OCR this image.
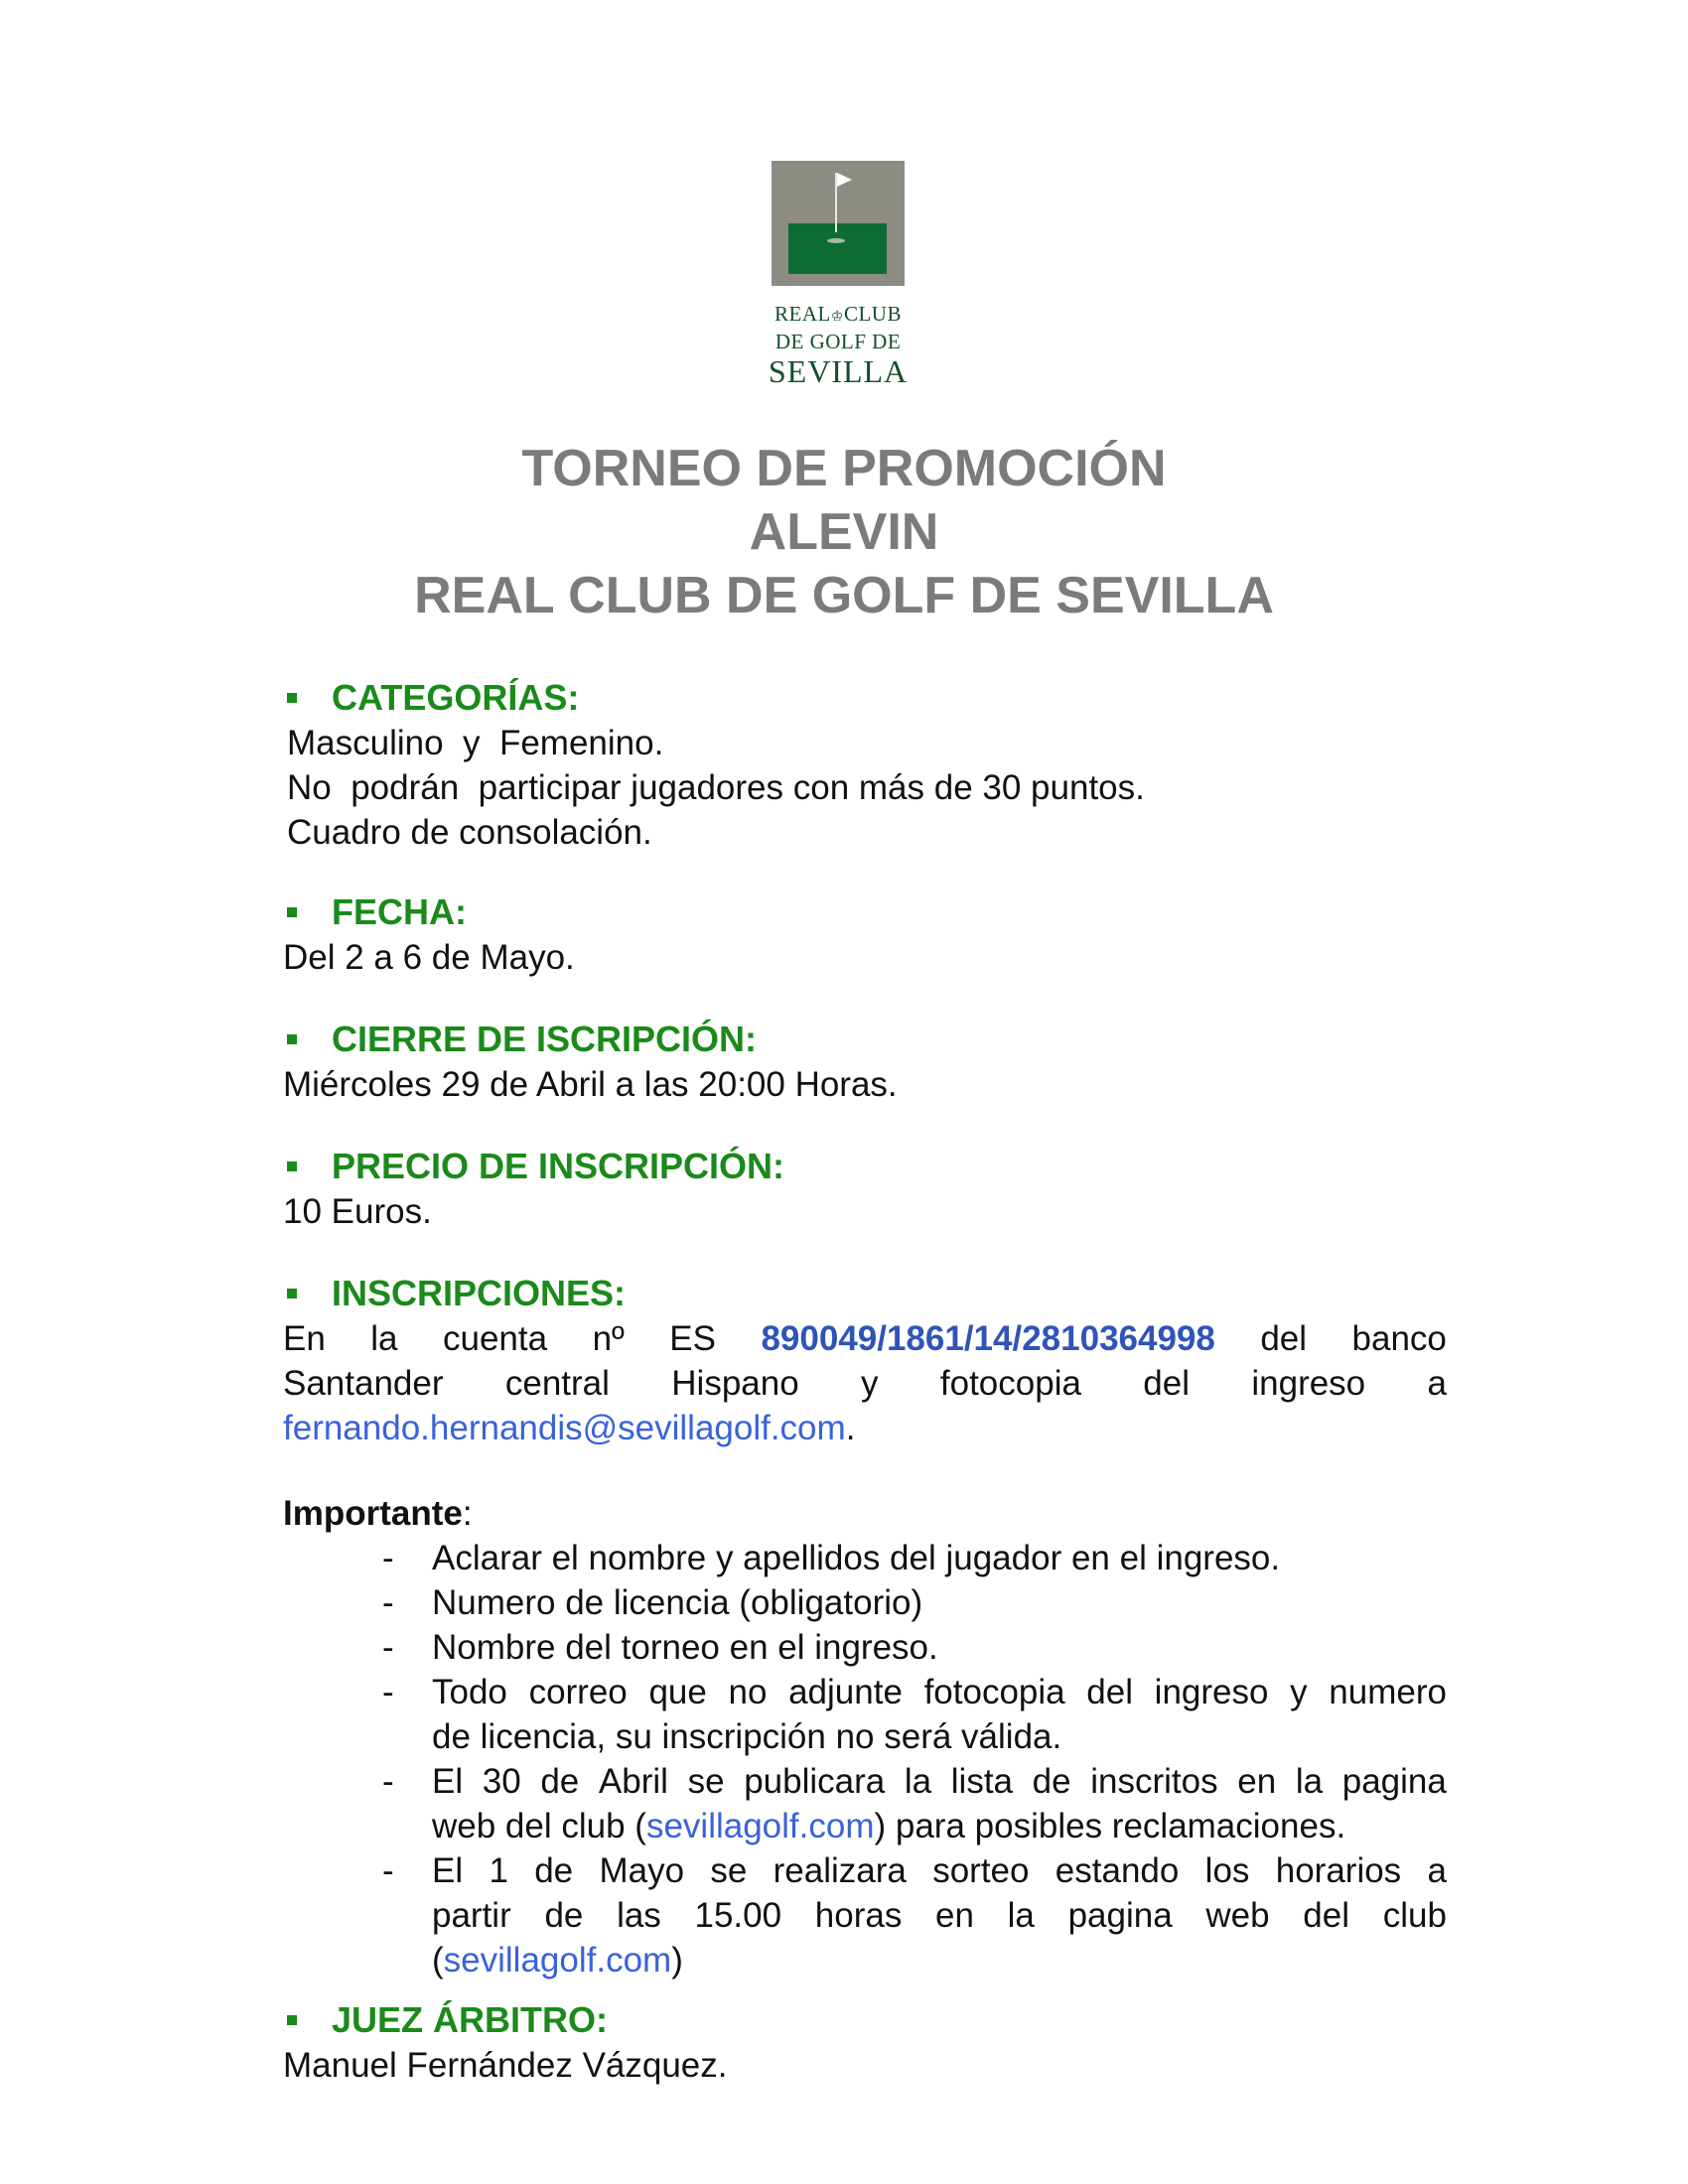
REAL♔CLUB
DE GOLF DE
SEVILLA
TORNEO DE PROMOCIÓN
ALEVIN
REAL CLUB DE GOLF DE SEVILLA
CATEGORÍAS:
Masculino  y  Femenino.
No  podrán  participar jugadores con más de 30 puntos.
Cuadro de consolación.
FECHA:
Del 2 a 6 de Mayo.
CIERRE DE ISCRIPCIÓN:
Miércoles 29 de Abril a las 20:00 Horas.
PRECIO DE INSCRIPCIÓN:
10 Euros.
INSCRIPCIONES:
En la cuenta nº ES 890049/1861/14/2810364998 del banco
Santander central Hispano y fotocopia del ingreso a
fernando.hernandis@sevillagolf.com.
Importante:
- Aclarar el nombre y apellidos del jugador en el ingreso.
- Numero de licencia (obligatorio)
- Nombre del torneo en el ingreso.
- Todo correo que no adjunte fotocopia del ingreso y numero
de licencia, su inscripción no será válida.
- El 30 de Abril se publicara la lista de inscritos en la pagina
web del club (sevillagolf.com) para posibles reclamaciones.
- El 1 de Mayo se realizara sorteo estando los horarios a
partir de las 15.00 horas en la pagina web del club
(sevillagolf.com)
JUEZ ÁRBITRO:
Manuel Fernández Vázquez.
